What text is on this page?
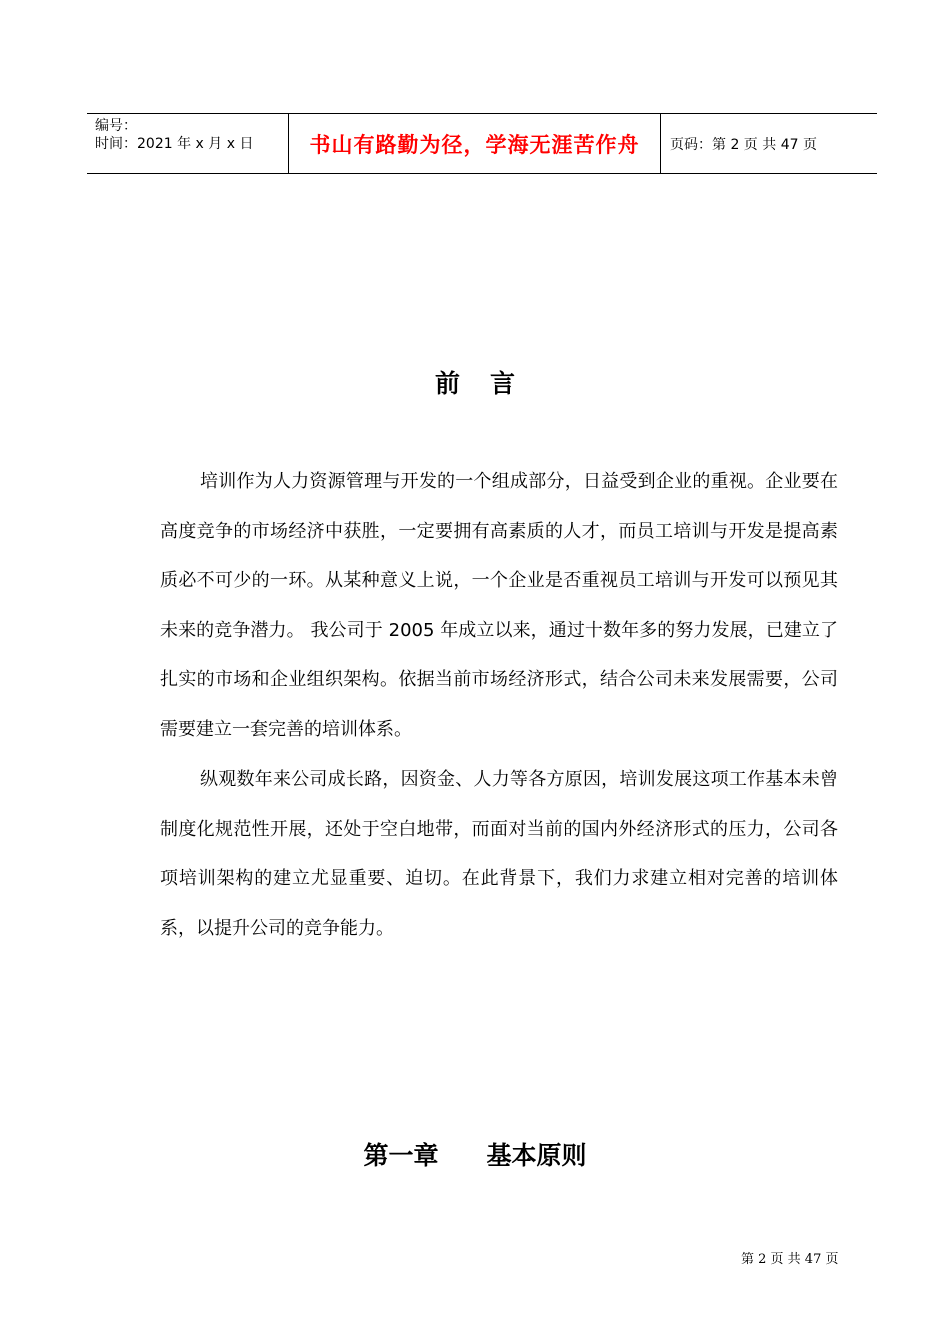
编号：
时间：2021 年 x 月 x 日	书山有路勤为径，学海无涯苦作舟	页码：第 2 页 共 47 页
前言

培训作为人力资源管理与开发的一个组成部分，日益受到企业的重视。企业要在高度竞争的市场经济中获胜，一定要拥有高素质的人才，而员工培训与开发是提高素质必不可少的一环。从某种意义上说，一个企业是否重视员工培训与开发可以预见其未来的竞争潜力。 我公司于 2005 年成立以来，通过十数年多的努力发展，已建立了扎实的市场和企业组织架构。依据当前市场经济形式，结合公司未来发展需要，公司需要建立一套完善的培训体系。

纵观数年来公司成长路，因资金、人力等各方原因，培训发展这项工作基本未曾制度化规范性开展，还处于空白地带，而面对当前的国内外经济形式的压力，公司各项培训架构的建立尤显重要、迫切。在此背景下，我们力求建立相对完善的培训体系，以提升公司的竞争能力。

第一章 基本原则
第 2 页 共 47 页
